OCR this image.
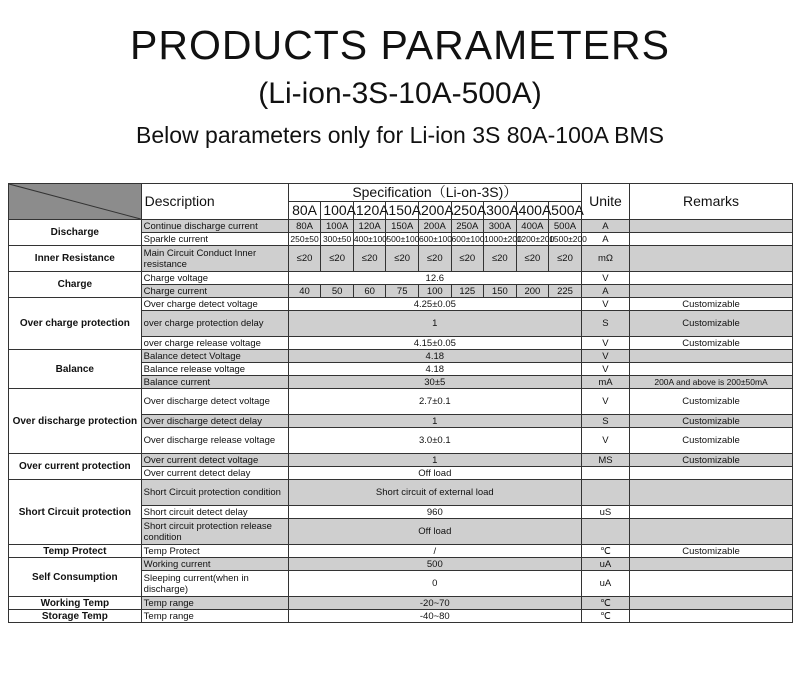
PRODUCTS PARAMETERS
(Li-ion-3S-10A-500A)
Below parameters only for Li-ion 3S 80A-100A BMS
	Description	Specification（Li-on-3S)）									Unite	Remarks
		80A	100A	120A	150A	200A	250A	300A	400A	500A		
Discharge	Continue discharge current	80A	100A	120A	150A	200A	250A	300A	400A	500A	A	
	Sparkle current	250±50	300±50	400±100	500±100	600±100	600±100	1000±200	1200±200	1500±200	A	
Inner Resistance	Main Circuit Conduct Inner resistance	≤20	≤20	≤20	≤20	≤20	≤20	≤20	≤20	≤20	mΩ	
Charge	Charge voltage	12.6									V	
	Charge current	40	50	60	75	100	125	150	200	225	A	
Over charge protection	Over charge detect voltage	4.25±0.05									V	Customizable
	over charge protection delay	1									S	Customizable
	over charge release voltage	4.15±0.05									V	Customizable
Balance	Balance detect Voltage	4.18									V	
	Balance release voltage	4.18									V	
	Balance current	30±5									mA	200A and above is 200±50mA
Over discharge protection	Over discharge detect voltage	2.7±0.1									V	Customizable
	Over discharge detect delay	1									S	Customizable
	Over discharge release voltage	3.0±0.1									V	Customizable
Over current protection	Over current detect voltage	1									MS	Customizable
	Over current detect delay	Off load										
Short Circuit protection	Short Circuit protection condition	Short circuit of external load										
	Short circuit detect delay	960									uS	
	Short circuit protection release condition	Off load										
Temp Protect	Temp Protect	/									℃	Customizable
Self Consumption	Working current	500									uA	
	Sleeping current(when in discharge)	0									uA	
Working Temp	Temp range	-20~70									℃	
Storage Temp	Temp range	-40~80									℃	
